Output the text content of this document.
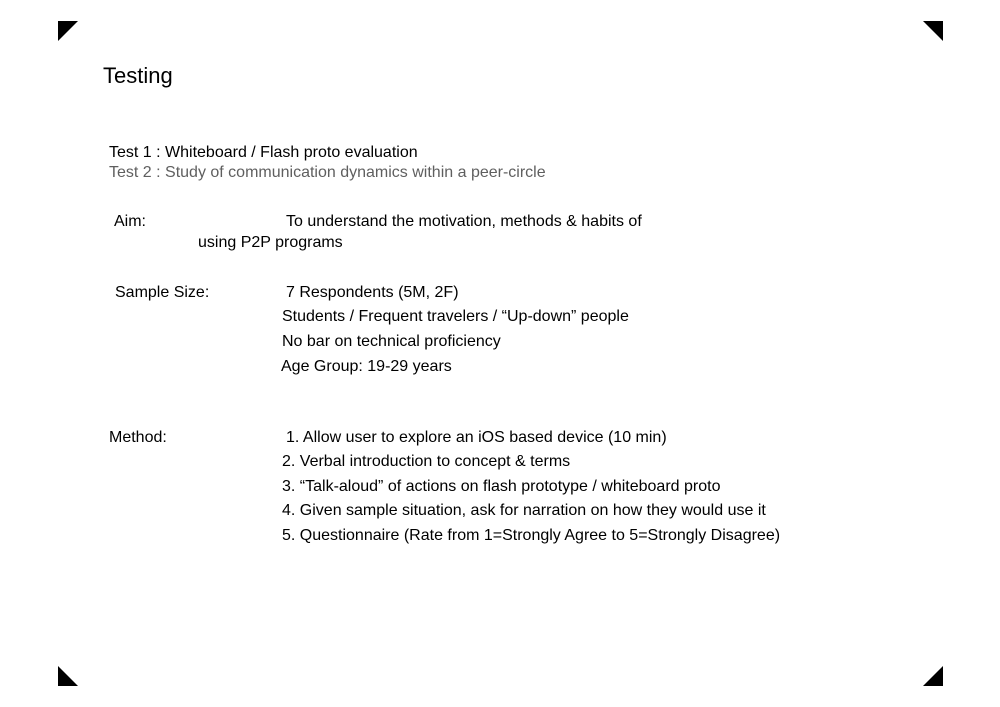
Testing
Test 1 : Whiteboard / Flash proto evaluation
Test 2 : Study of communication dynamics within a peer-circle
Aim:	To understand the motivation, methods & habits of
using P2P programs
Sample Size:	7 Respondents (5M, 2F)
Students / Frequent travelers / “Up-down” people
No bar on technical proficiency
Age Group: 19-29 years
Method:	1. Allow user to explore an iOS based device (10 min)
2. Verbal introduction to concept & terms
3. “Talk-aloud” of actions on flash prototype / whiteboard proto
4. Given sample situation, ask for narration on how they would use it
5. Questionnaire (Rate from 1=Strongly Agree to 5=Strongly Disagree)
